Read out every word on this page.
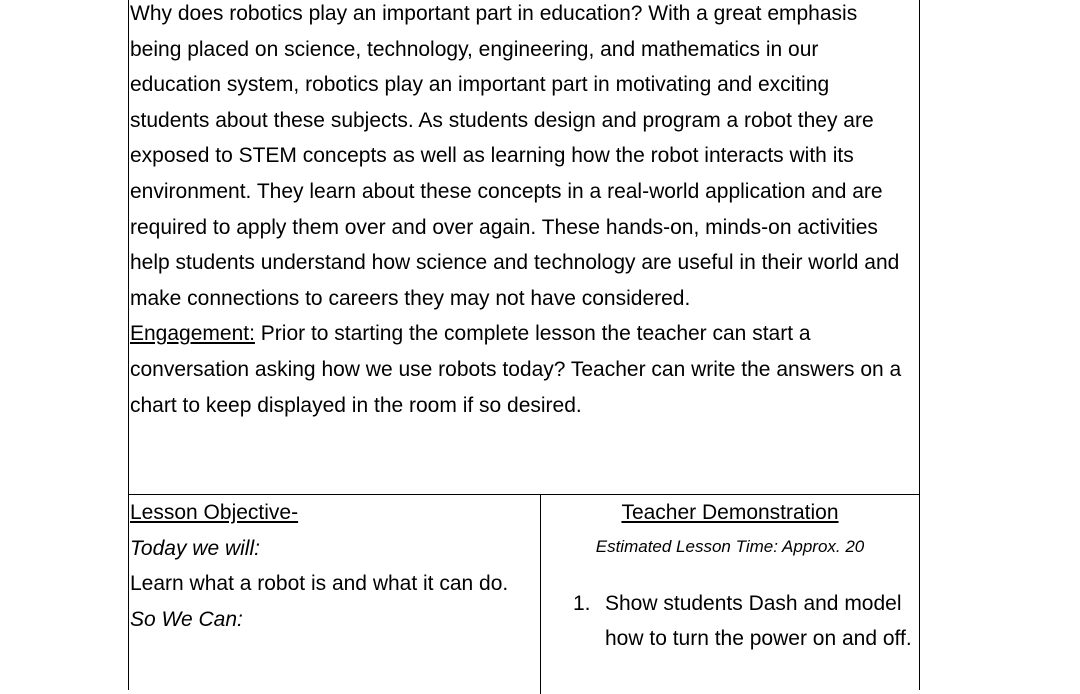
Why does robotics play an important part in education? With a great emphasis being placed on science, technology, engineering, and mathematics in our education system, robotics play an important part in motivating and exciting students about these subjects. As students design and program a robot they are exposed to STEM concepts as well as learning how the robot interacts with its environment. They learn about these concepts in a real-world application and are required to apply them over and over again. These hands-on, minds-on activities help students understand how science and technology are useful in their world and make connections to careers they may not have considered.

Engagement: Prior to starting the complete lesson the teacher can start a conversation asking how we use robots today? Teacher can write the answers on a chart to keep displayed in the room if so desired.

Lesson Objective-
Today we will:
Learn what a robot is and what it can do.
So We Can:
Teacher Demonstration
Estimated Lesson Time: Approx. 20
1. Show students Dash and model how to turn the power on and off.
